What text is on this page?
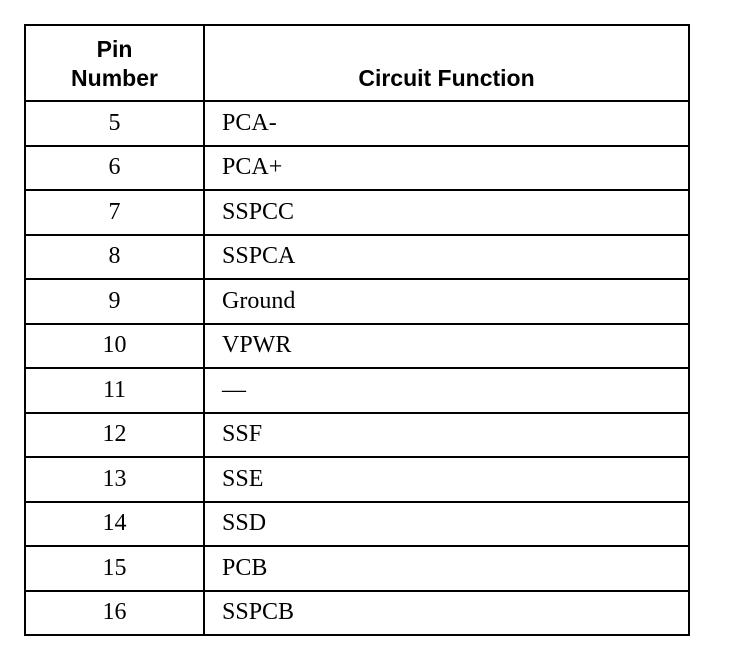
Pin
Number	Circuit Function
5	PCA-
6	PCA+
7	SSPCC
8	SSPCA
9	Ground
10	VPWR
11	—
12	SSF
13	SSE
14	SSD
15	PCB
16	SSPCB
